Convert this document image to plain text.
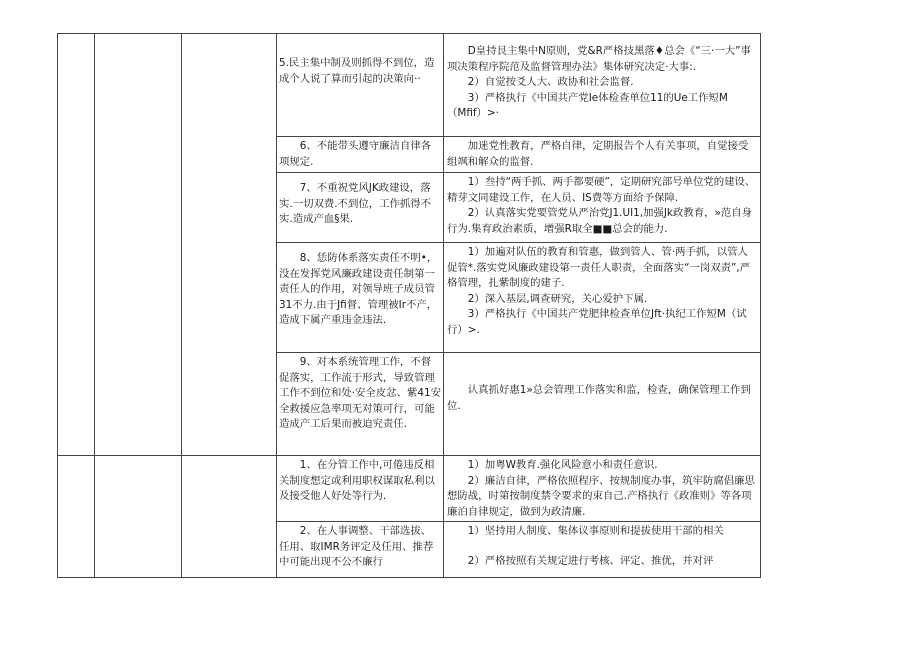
			5.民主集中制及则抓得不到位，造成个人说了算而引起的决策向··	D皇持艮主集中N原则，党&R严格技黑落♦总会《“三·一大”事项决策程序院范及监督管理办法》集体研究决定·大事:.

2）自觉按爻人大、政协和社会监督.

3）严格执行《中国共产党Ie体检查单位11的Ue工作短M（Mfif）>·	

			6、不能带头遵守廉洁自律各项规定.	加迷党性教育，严格自律，定期报告个人有关事项，自觉接受组飒和解众的监督.	

			7、不重祝党风JK政建设，落实.一切双费.不到位，工作抓得不实.造成产血§果.	1）叁持“两手抓、两手都要硬”，定期研究部号单位党的建设、精芽文同建设工作，在人员、IS费等方面给予保障.

2）认真落实党要管党从严治党J1.UI1,加强Jk政教育，»范自身行为.集育政治素质，增强R取全■■总会的能力.	

			8、恁防体系落实责任不明•，没在发挥党风廉政建设责任制第一责任人的作用，对领导班子成员管31不力.由于Jfi督、管理被Ir不产，造成下属产重违金违法.	1）加遍对队伍的教育和管惠，做到管人、管·两手抓，以管人促管*.落实党风廉政建设第一责任人职责，全面落实“一岗双责”,严格管理，扎紫制度的建子.

2）深入基层,调查研究，关心爱护下属.

3）严格执行《中国共产党肥律检查单位Jft·执纪工作短M（试行）>.	

			9、对本系统管理工作，不督促落实，工作流于形式，导致管理工作不到位和处·安全皮忿、紫41安全救援应急率项无对策可行，可能造成产工后果而被迫究责任.	认真抓好惠1»总会管理工作落实和监，检查，确保管理工作到位.	

			1、在分管工作中,可倦违反相关制度想定或利用职权谋取私利以及接受他人好处等行为.	1）加粤W教育.强化风险意小和责任意识.

2）廉洁自律，严格依照程序、按规制度办事，筑牢防腐倡廉思想防战，时第按制度禁令要求的束自己.产格执行《政准则》等各项廉泊自律规定，做到为政清廉.	

			2、在人事调整、干部选拔、任用、取IMR务评定及任用、推荐中可能出现不公不廉行	1）坚持用人制度、集体议事原则和提拔使用干部的相关

2）严格按照有关规定进行考核、评定、推优，并对评	
